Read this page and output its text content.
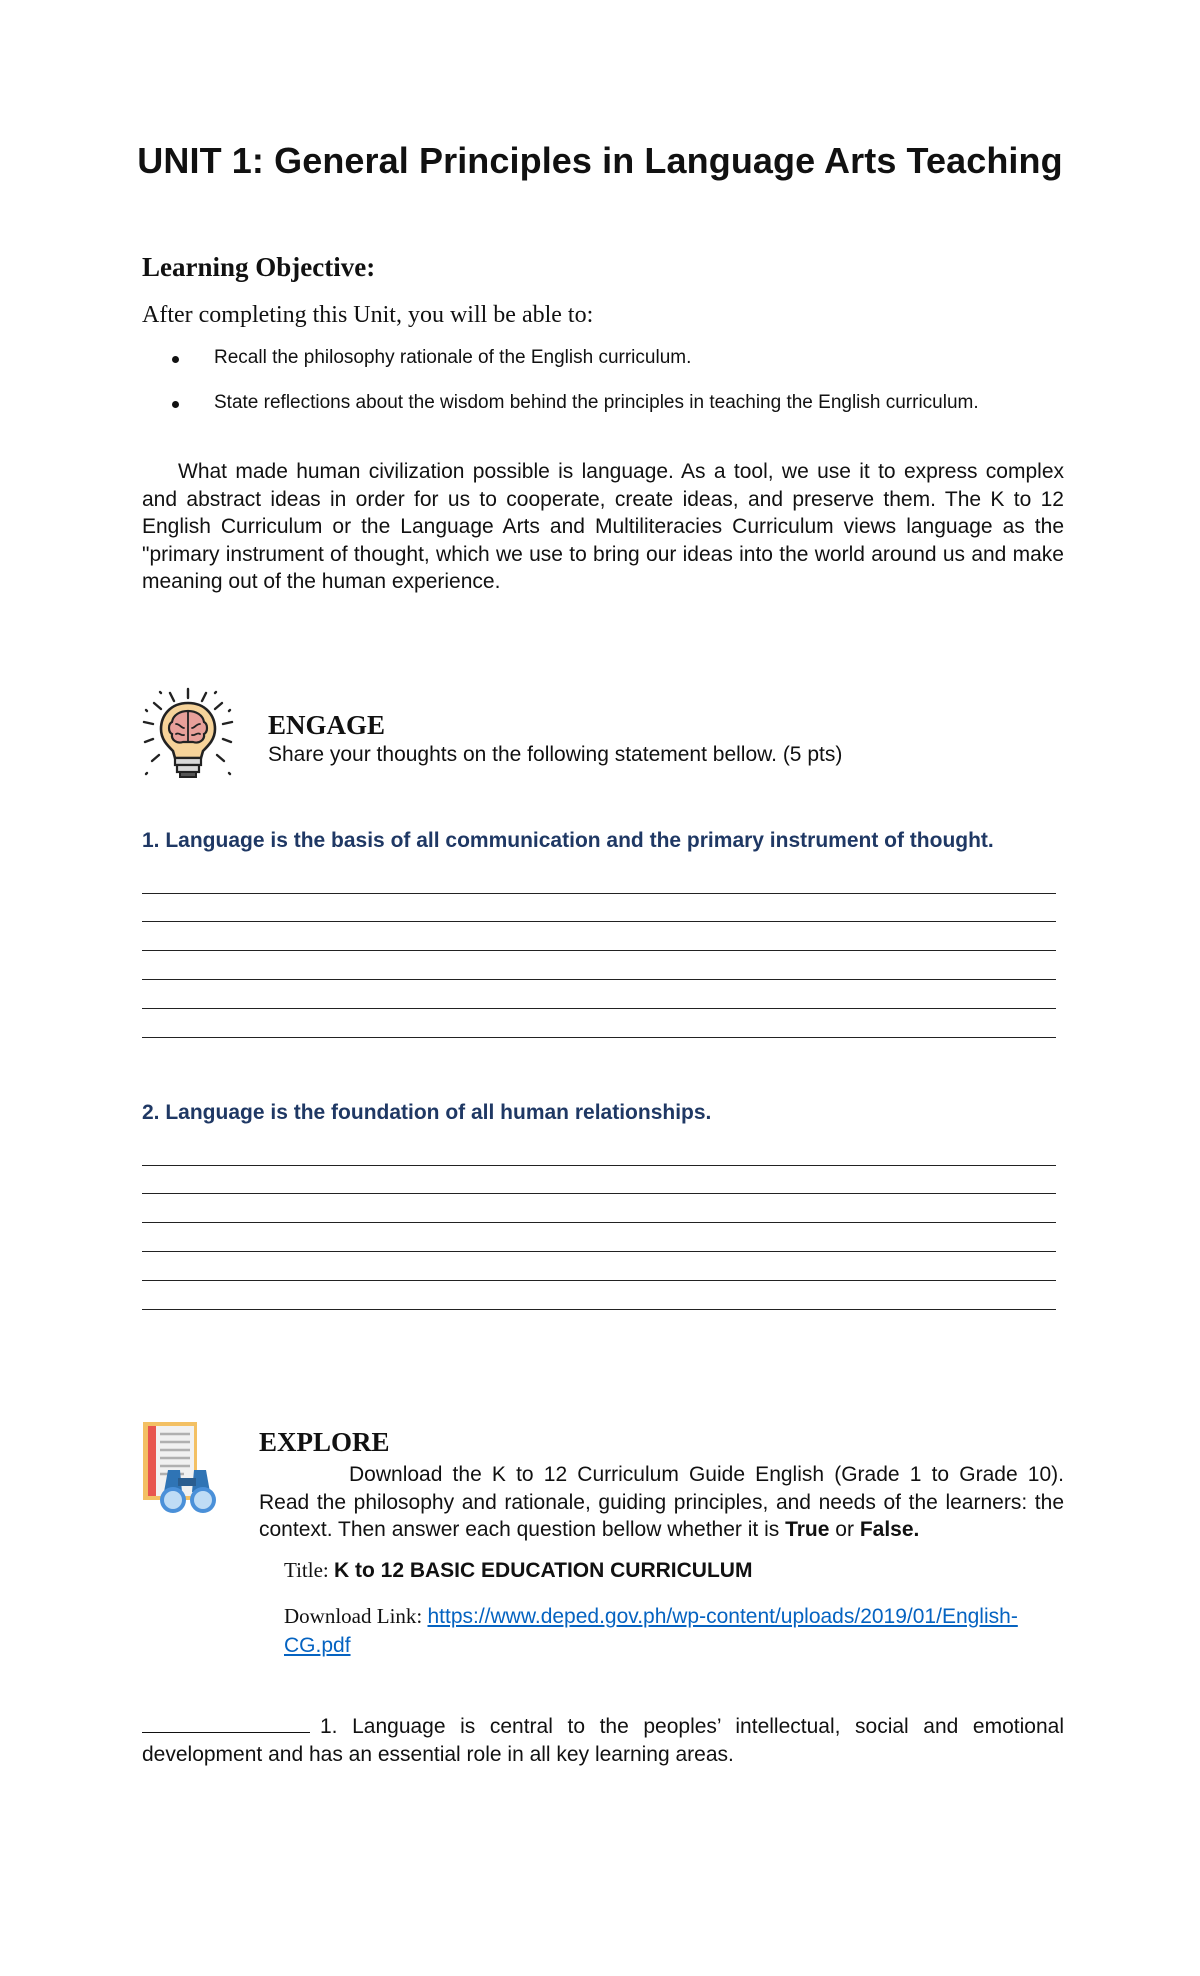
UNIT 1: General Principles in Language Arts Teaching
Learning Objective:
After completing this Unit, you will be able to:
Recall the philosophy rationale of the English curriculum.
State reflections about the wisdom behind the principles in teaching the English curriculum.

What made human civilization possible is language. As a tool, we use it to express complex and abstract ideas in order for us to cooperate, create ideas, and preserve them. The K to 12 English Curriculum or the Language Arts and Multiliteracies Curriculum views language as the "primary instrument of thought, which we use to bring our ideas into the world around us and make meaning out of the human experience.

ENGAGE
Share your thoughts on the following statement bellow. (5 pts)
1. Language is the basis of all communication and the primary instrument of thought.
2. Language is the foundation of all human relationships.
EXPLORE

Download the K to 12 Curriculum Guide English (Grade 1 to Grade 10). Read the philosophy and rationale, guiding principles, and needs of the learners: the context. Then answer each question bellow whether it is True or False.

Title: K to 12 BASIC EDUCATION CURRICULUM
Download Link: https://www.deped.gov.ph/wp-content/uploads/2019/01/English-CG.pdf
1. Language is central to the peoples’ intellectual, social and emotional development and has an essential role in all key learning areas.
